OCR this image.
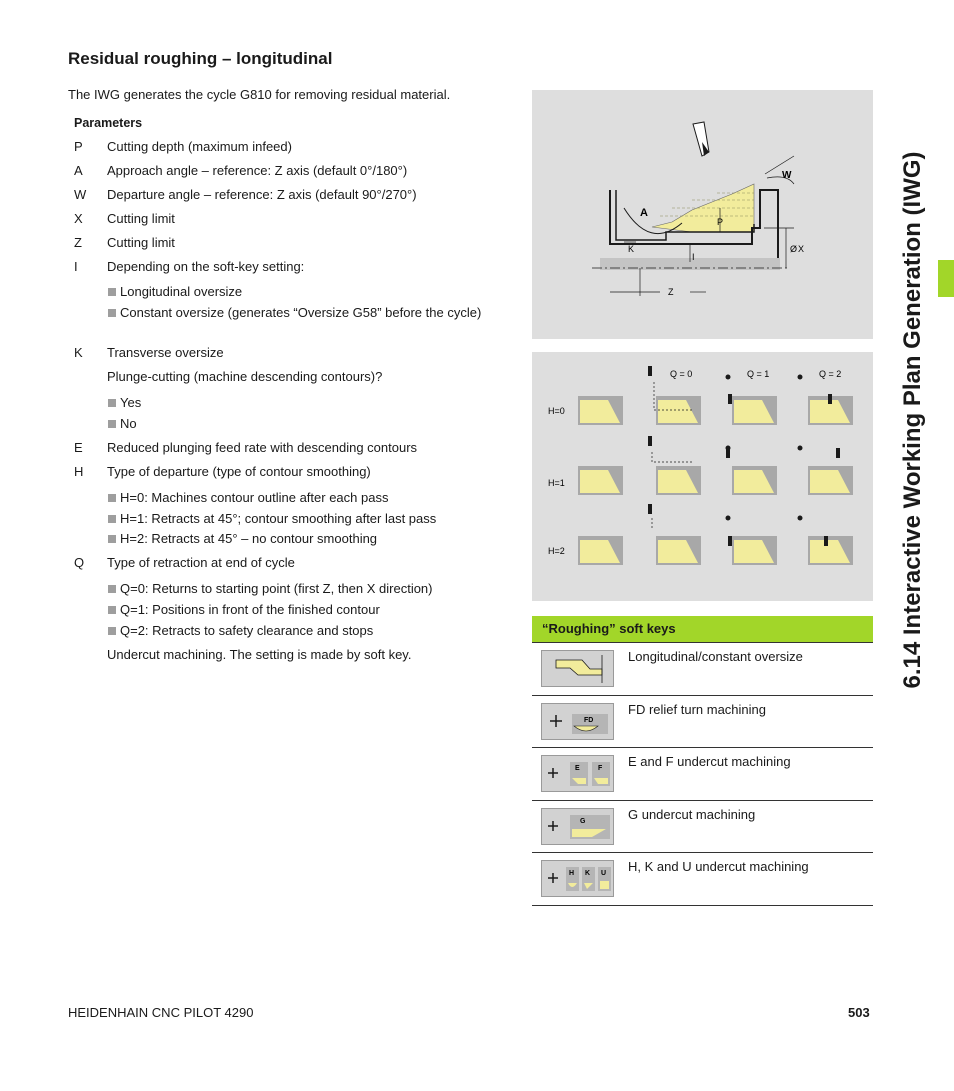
Residual roughing – longitudinal
The IWG generates the cycle G810 for removing residual material.
Parameters
P Cutting depth (maximum infeed)
A Approach angle – reference: Z axis (default 0°/180°)
W Departure angle – reference: Z axis (default 90°/270°)
X Cutting limit
Z Cutting limit
I Depending on the soft-key setting:
Longitudinal oversize
Constant oversize (generates “Oversize G58” before the cycle)
K Transverse oversize
Plunge-cutting (machine descending contours)?
Yes
No
E Reduced plunging feed rate with descending contours
H Type of departure (type of contour smoothing)
H=0: Machines contour outline after each pass
H=1: Retracts at 45°; contour smoothing after last pass
H=2: Retracts at 45° – no contour smoothing
Q Type of retraction at end of cycle
Q=0: Returns to starting point (first Z, then X direction)
Q=1: Positions in front of the finished contour
Q=2: Retracts to safety clearance and stops
Undercut machining. The setting is made by soft key.
A
W
P
K
I
Ø X
Z
Q = 0	Q = 1	Q = 2
H=0
H=1
H=2
“Roughing” soft keys
Longitudinal/constant oversize
FD
FD relief turn machining
E	F E and F undercut machining
G	G undercut machining
H K U H, K and U undercut machining
6.14 Interactive Working Plan Generation (IWG)
HEIDENHAIN CNC PILOT 4290	503
